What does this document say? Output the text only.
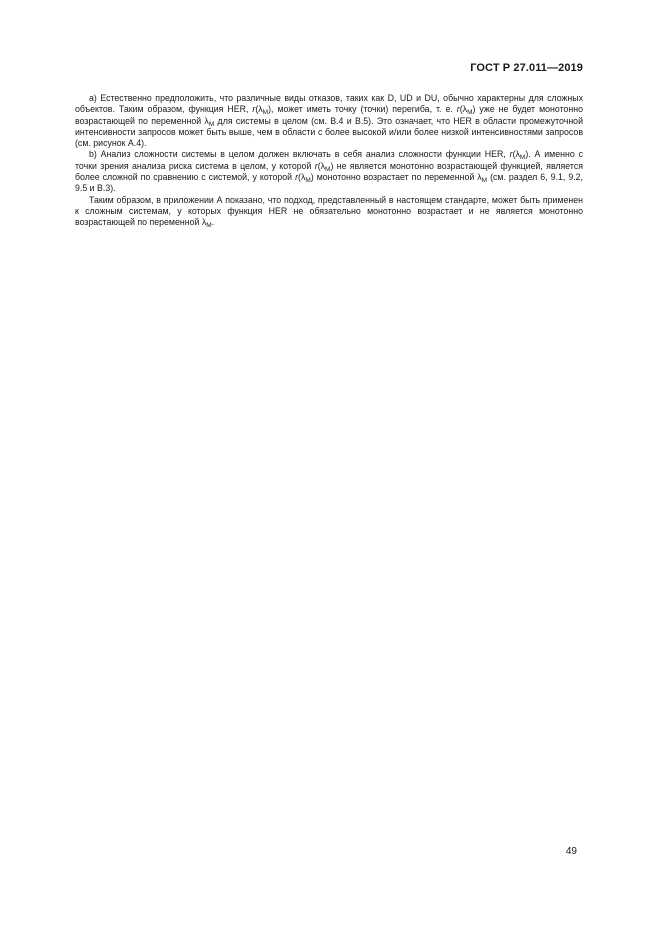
ГОСТ Р 27.011—2019

a) Естественно предположить, что различные виды отказов, таких как D, UD и DU, обычно характерны для сложных объектов. Таким образом, функция HER, $r(\lambda_M)$, может иметь точку (точки) перегиба, т. е. $r(\lambda_M)$ уже не будет монотонно возрастающей по переменной $\lambda_M$ для системы в целом (см. В.4 и В.5). Это означает, что HER в области промежуточной интенсивности запросов может быть выше, чем в области с более высокой и/или более низкой интенсивностями запросов (см. рисунок А.4).

b) Анализ сложности системы в целом должен включать в себя анализ сложности функции HER, $r(\lambda_M)$. А именно с точки зрения анализа риска система в целом, у которой $r(\lambda_M)$ не является монотонно возрастающей функцией, является более сложной по сравнению с системой, у которой $r(\lambda_M)$ монотонно возрастает по переменной $\lambda_M$ (см. раздел 6, 9.1, 9.2, 9.5 и В.3).

Таким образом, в приложении А показано, что подход, представленный в настоящем стандарте, может быть применен к сложным системам, у которых функция HER не обязательно монотонно возрастает и не является монотонно возрастающей по переменной $\lambda_M$.

49
